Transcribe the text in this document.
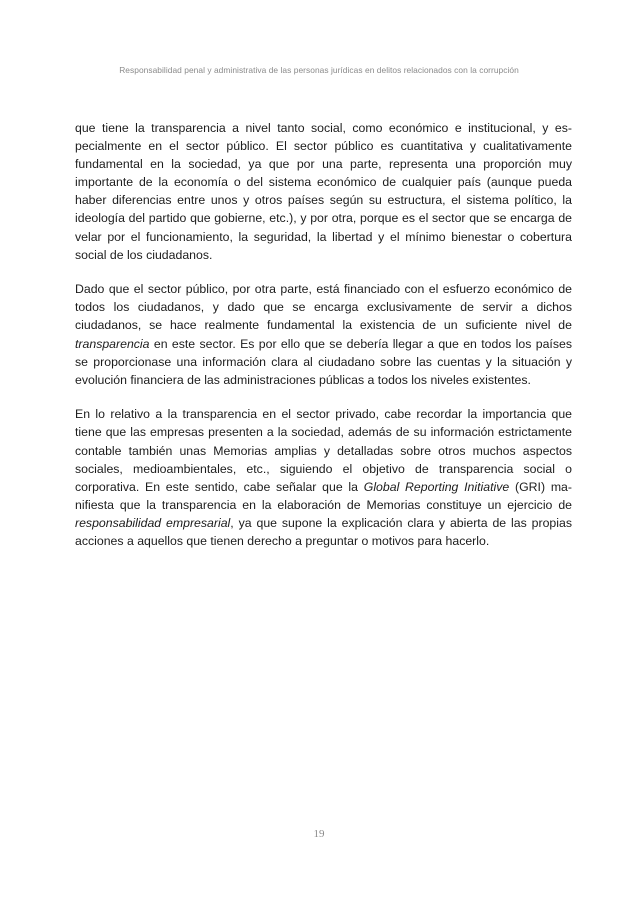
Responsabilidad penal y administrativa de las personas jurídicas en delitos relacionados con la corrupción

que tiene la transparencia a nivel tanto social, como económico e institucional, y especialmente en el sector público. El sector público es cuantitativa y cualitativamente fundamental en la sociedad, ya que por una parte, representa una proporción muy importante de la economía o del sistema económico de cualquier país (aunque pueda haber diferencias entre unos y otros países según su estructura, el sistema político, la ideología del partido que gobierne, etc.), y por otra, porque es el sector que se encarga de velar por el funcionamiento, la seguridad, la libertad y el mínimo bienestar o cobertura social de los ciudadanos.

Dado que el sector público, por otra parte, está financiado con el esfuerzo económico de todos los ciudadanos, y dado que se encarga exclusivamente de servir a dichos ciudadanos, se hace realmente fundamental la existencia de un suficiente nivel de transparencia en este sector. Es por ello que se debería llegar a que en todos los países se proporcionase una información clara al ciudadano sobre las cuentas y la situación y evolución financiera de las administraciones públicas a todos los niveles existentes.

En lo relativo a la transparencia en el sector privado, cabe recordar la importancia que tiene que las empresas presenten a la sociedad, además de su información estrictamente contable también unas Memorias amplias y detalladas sobre otros muchos aspectos sociales, medioambientales, etc., siguiendo el objetivo de transparencia social o corporativa. En este sentido, cabe señalar que la Global Reporting Initiative (GRI) manifiesta que la transparencia en la elaboración de Memorias constituye un ejercicio de responsabilidad empresarial, ya que supone la explicación clara y abierta de las propias acciones a aquellos que tienen derecho a preguntar o motivos para hacerlo.

19
